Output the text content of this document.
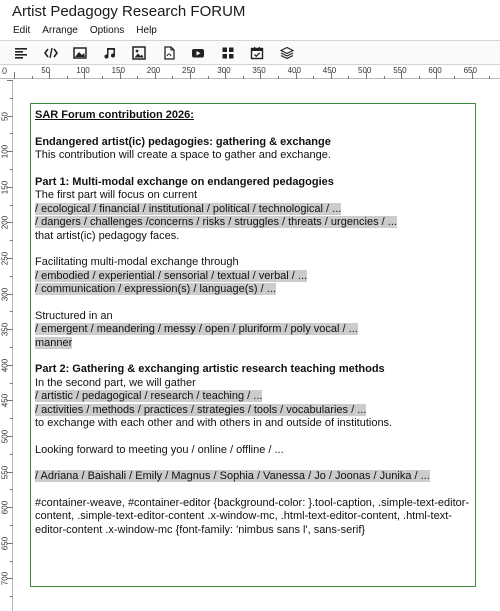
Artist Pedagogy Research FORUM
Edit Arrange Options Help
0	50	100	150	200	250	300	350	400	450	500	550	600	650
50
100
150
200
250
300
350
400
450
500
550
600
650
700

SAR Forum contribution 2026:

Endangered artist(ic) pedagogies: gathering & exchange

This contribution will create a space to gather and exchange.

Part 1: Multi-modal exchange on endangered pedagogies

The first part will focus on current

/ ecological / financial / institutional / political / technological / ...

/ dangers / challenges /concerns / risks / struggles / threats / urgencies / ...

that artist(ic) pedagogy faces.

Facilitating multi-modal exchange through

/ embodied / experiential / sensorial / textual / verbal / ...

/ communication / expression(s) / language(s) / ...

Structured in an

/ emergent / meandering / messy / open / pluriform / poly vocal / ...

manner

Part 2: Gathering & exchanging artistic research teaching methods

In the second part, we will gather

/ artistic / pedagogical / research / teaching / ...

/ activities / methods / practices / strategies / tools / vocabularies / ...

to exchange with each other and with others in and outside of institutions.

Looking forward to meeting you / online / offline / ...

/ Adriana / Baishali / Emily / Magnus / Sophia / Vanessa / Jo / Joonas / Junika / ...

#container-weave, #container-editor {background-color: }.tool-caption, .simple-text-editor-content, .simple-text-editor-content .x-window-mc, .html-text-editor-content, .html-text-editor-content .x-window-mc {font-family: 'nimbus sans l', sans-serif}
